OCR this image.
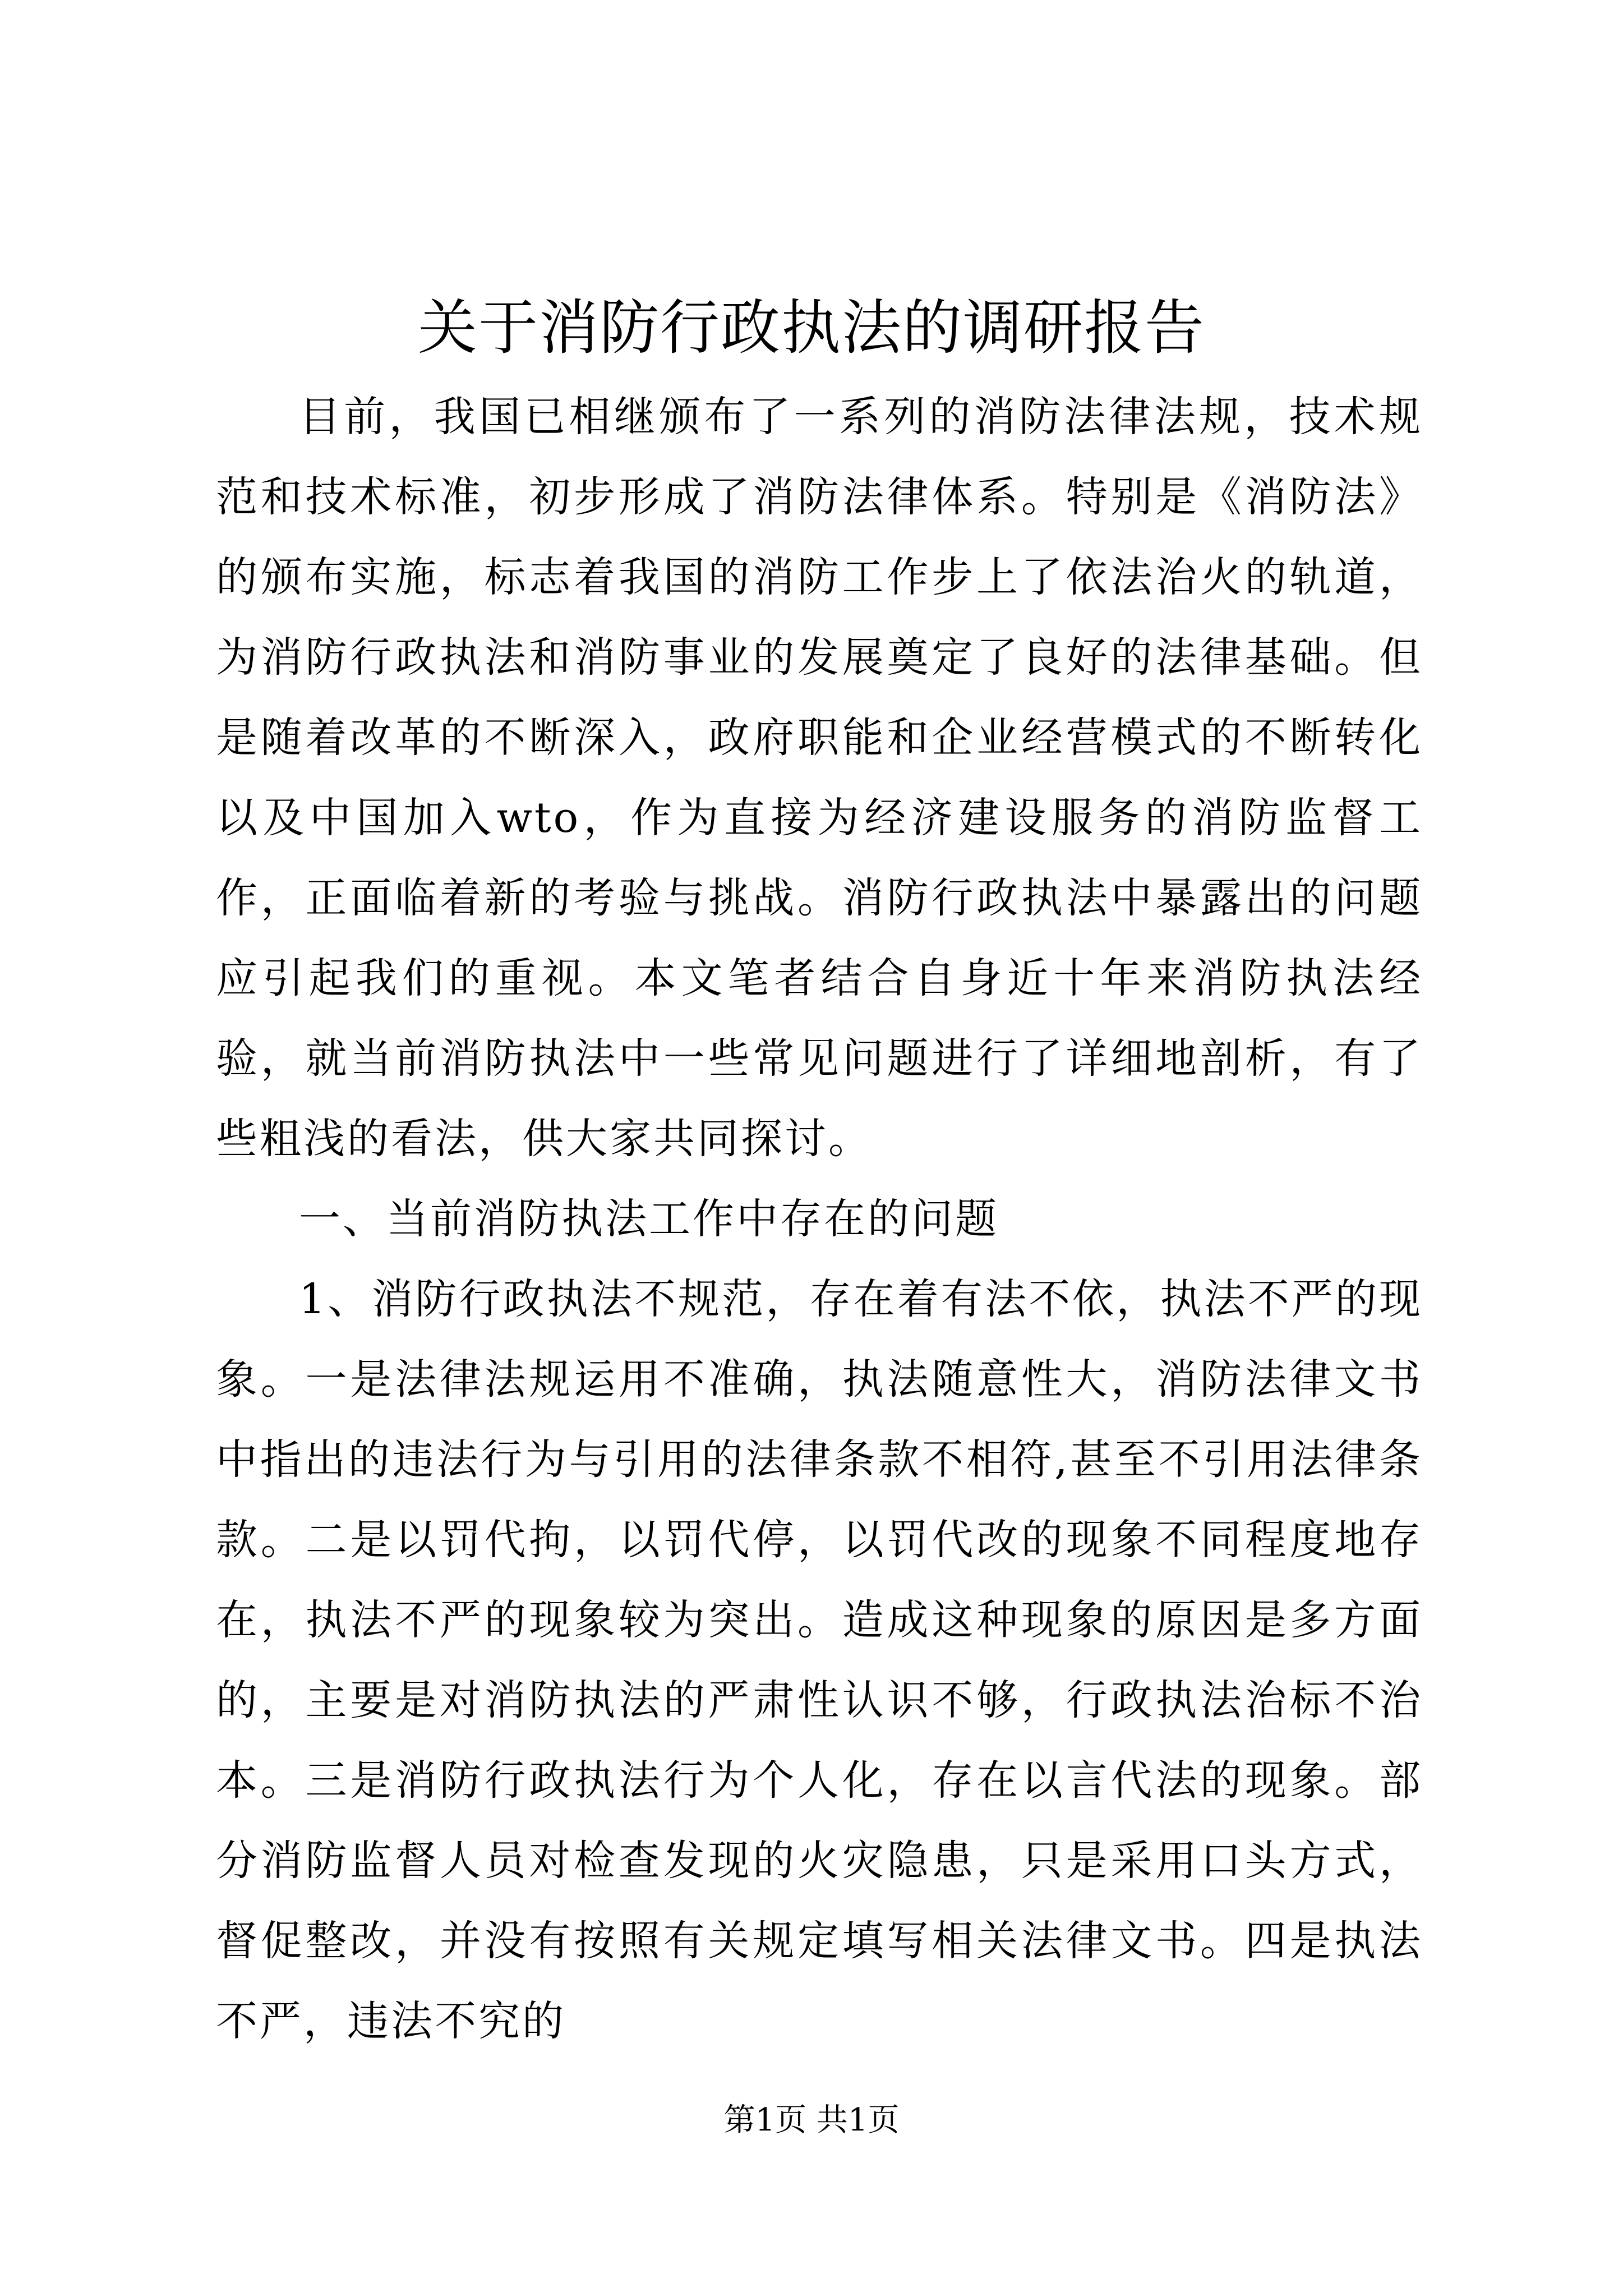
关于消防行政执法的调研报告

目前，我国已相继颁布了一系列的消防法律法规，技术规范和技术标准，初步形成了消防法律体系。特别是《消防法》的颁布实施，标志着我国的消防工作步上了依法治火的轨道，为消防行政执法和消防事业的发展奠定了良好的法律基础。但是随着改革的不断深入，政府职能和企业经营模式的不断转化以及中国加入wto，作为直接为经济建设服务的消防监督工作，正面临着新的考验与挑战。消防行政执法中暴露出的问题应引起我们的重视。本文笔者结合自身近十年来消防执法经验，就当前消防执法中一些常见问题进行了详细地剖析，有了些粗浅的看法，供大家共同探讨。

一、当前消防执法工作中存在的问题

1、消防行政执法不规范，存在着有法不依，执法不严的现象。一是法律法规运用不准确，执法随意性大，消防法律文书中指出的违法行为与引用的法律条款不相符,甚至不引用法律条款。二是以罚代拘，以罚代停，以罚代改的现象不同程度地存在，执法不严的现象较为突出。造成这种现象的原因是多方面的，主要是对消防执法的严肃性认识不够，行政执法治标不治本。三是消防行政执法行为个人化，存在以言代法的现象。部分消防监督人员对检查发现的火灾隐患，只是采用口头方式，督促整改，并没有按照有关规定填写相关法律文书。四是执法不严，违法不究的

第1页 共1页
